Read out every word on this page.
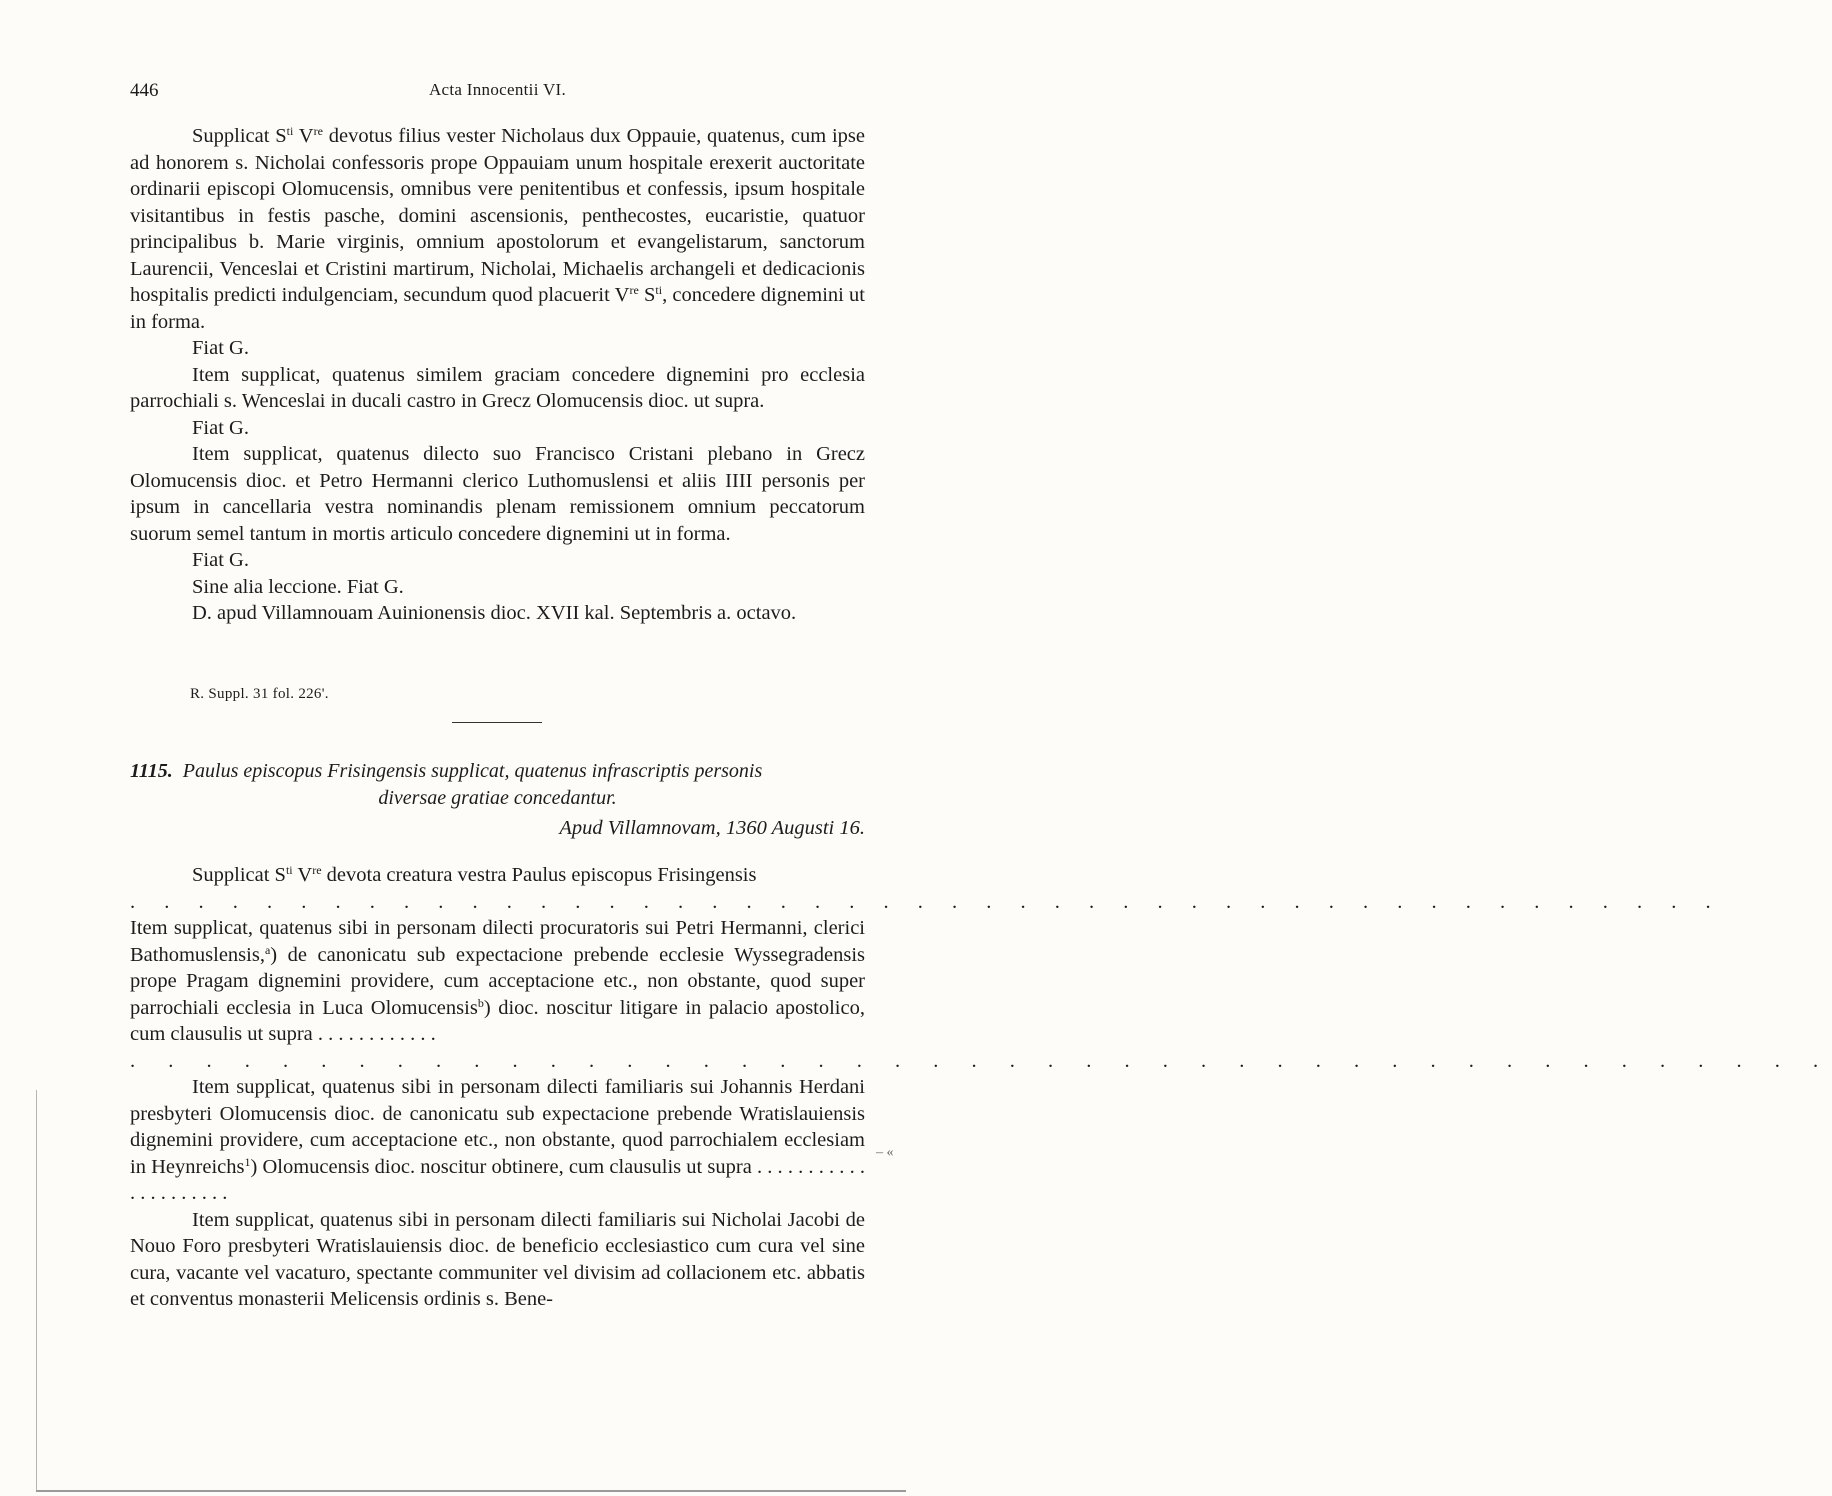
446	Acta Innocentii VI.

Supplicat $S^{ti}$ Vre devotus filius vester Nicholaus dux Oppauie, quatenus, cum ipse ad honorem s. Nicholai confessoris prope Oppauiam unum hospitale erexerit auctoritate ordinarii episcopi Olomucensis, omnibus vere penitentibus et confessis, ipsum hospitale visitantibus in festis pasche, domini ascensionis, penthecostes, eucaristie, quatuor principalibus b. Marie virginis, omnium apostolorum et evangelistarum, sanctorum Laurencii, Venceslai et Cristini martirum, Nicholai, Michaelis archangeli et dedicacionis hospitalis predicti indulgenciam, secundum quod placuerit Vre $S^{ti}$, concedere dignemini ut in forma.

Fiat G.

Item supplicat, quatenus similem graciam concedere dignemini pro ecclesia parrochiali s. Wenceslai in ducali castro in Grecz Olomucensis dioc. ut supra.

Fiat G.

Item supplicat, quatenus dilecto suo Francisco Cristani plebano in Grecz Olomucensis dioc. et Petro Hermanni clerico Luthomuslensi et aliis IIII personis per ipsum in cancellaria vestra nominandis plenam remissionem omnium peccatorum suorum semel tantum in mortis articulo concedere dignemini ut in forma.

Fiat G.

Sine alia leccione. Fiat G.

D. apud Villamnouam Auinionensis dioc. XVII kal. Septembris a. octavo.

R. Suppl. 31 fol. 226'.
1115. Paulus episcopus Frisingensis supplicat, quatenus infrascriptis personis
diversae gratiae concedantur.
Apud Villamnovam, 1360 Augusti 16.

Supplicat $S^{ti}$ Vre devota creatura vestra Paulus episcopus Frisingensis

. . . . . . . . . . . . . . . . . . . . . . . . . . . . . . . . . . . . . . . . . . . . . . .

Item supplicat, quatenus sibi in personam dilecti procuratoris sui Petri Hermanni, clerici Bathomuslensis,$^a$) de canonicatu sub expectacione prebende ecclesie Wyssegradensis prope Pragam dignemini providere, cum acceptacione etc., non obstante, quod super parrochiali ecclesia in Luca Olomucensis$^b$) dioc. noscitur litigare in palacio apostolico, cum clausulis ut supra . . . . . . . . . . . .

. . . . . . . . . . . . . . . . . . . . . . . . . . . . . . . . . . . . . . . . . . . . .

Item supplicat, quatenus sibi in personam dilecti familiaris sui Johannis Herdani presbyteri Olomucensis dioc. de canonicatu sub expectacione prebende Wratislauiensis dignemini providere, cum acceptacione etc., non obstante, quod parrochialem ecclesiam in Heynreichs$^1$) Olomucensis dioc. noscitur obtinere, cum clausulis ut supra . . . . . . . . . . . . . . . . . . . . .

Item supplicat, quatenus sibi in personam dilecti familiaris sui Nicholai Jacobi de Nouo Foro presbyteri Wratislauiensis dioc. de beneficio ecclesiastico cum cura vel sine cura, vacante vel vacaturo, spectante communiter vel divisim ad collacionem etc. abbatis et conventus monasterii Melicensis ordinis s. Bene-

– «
